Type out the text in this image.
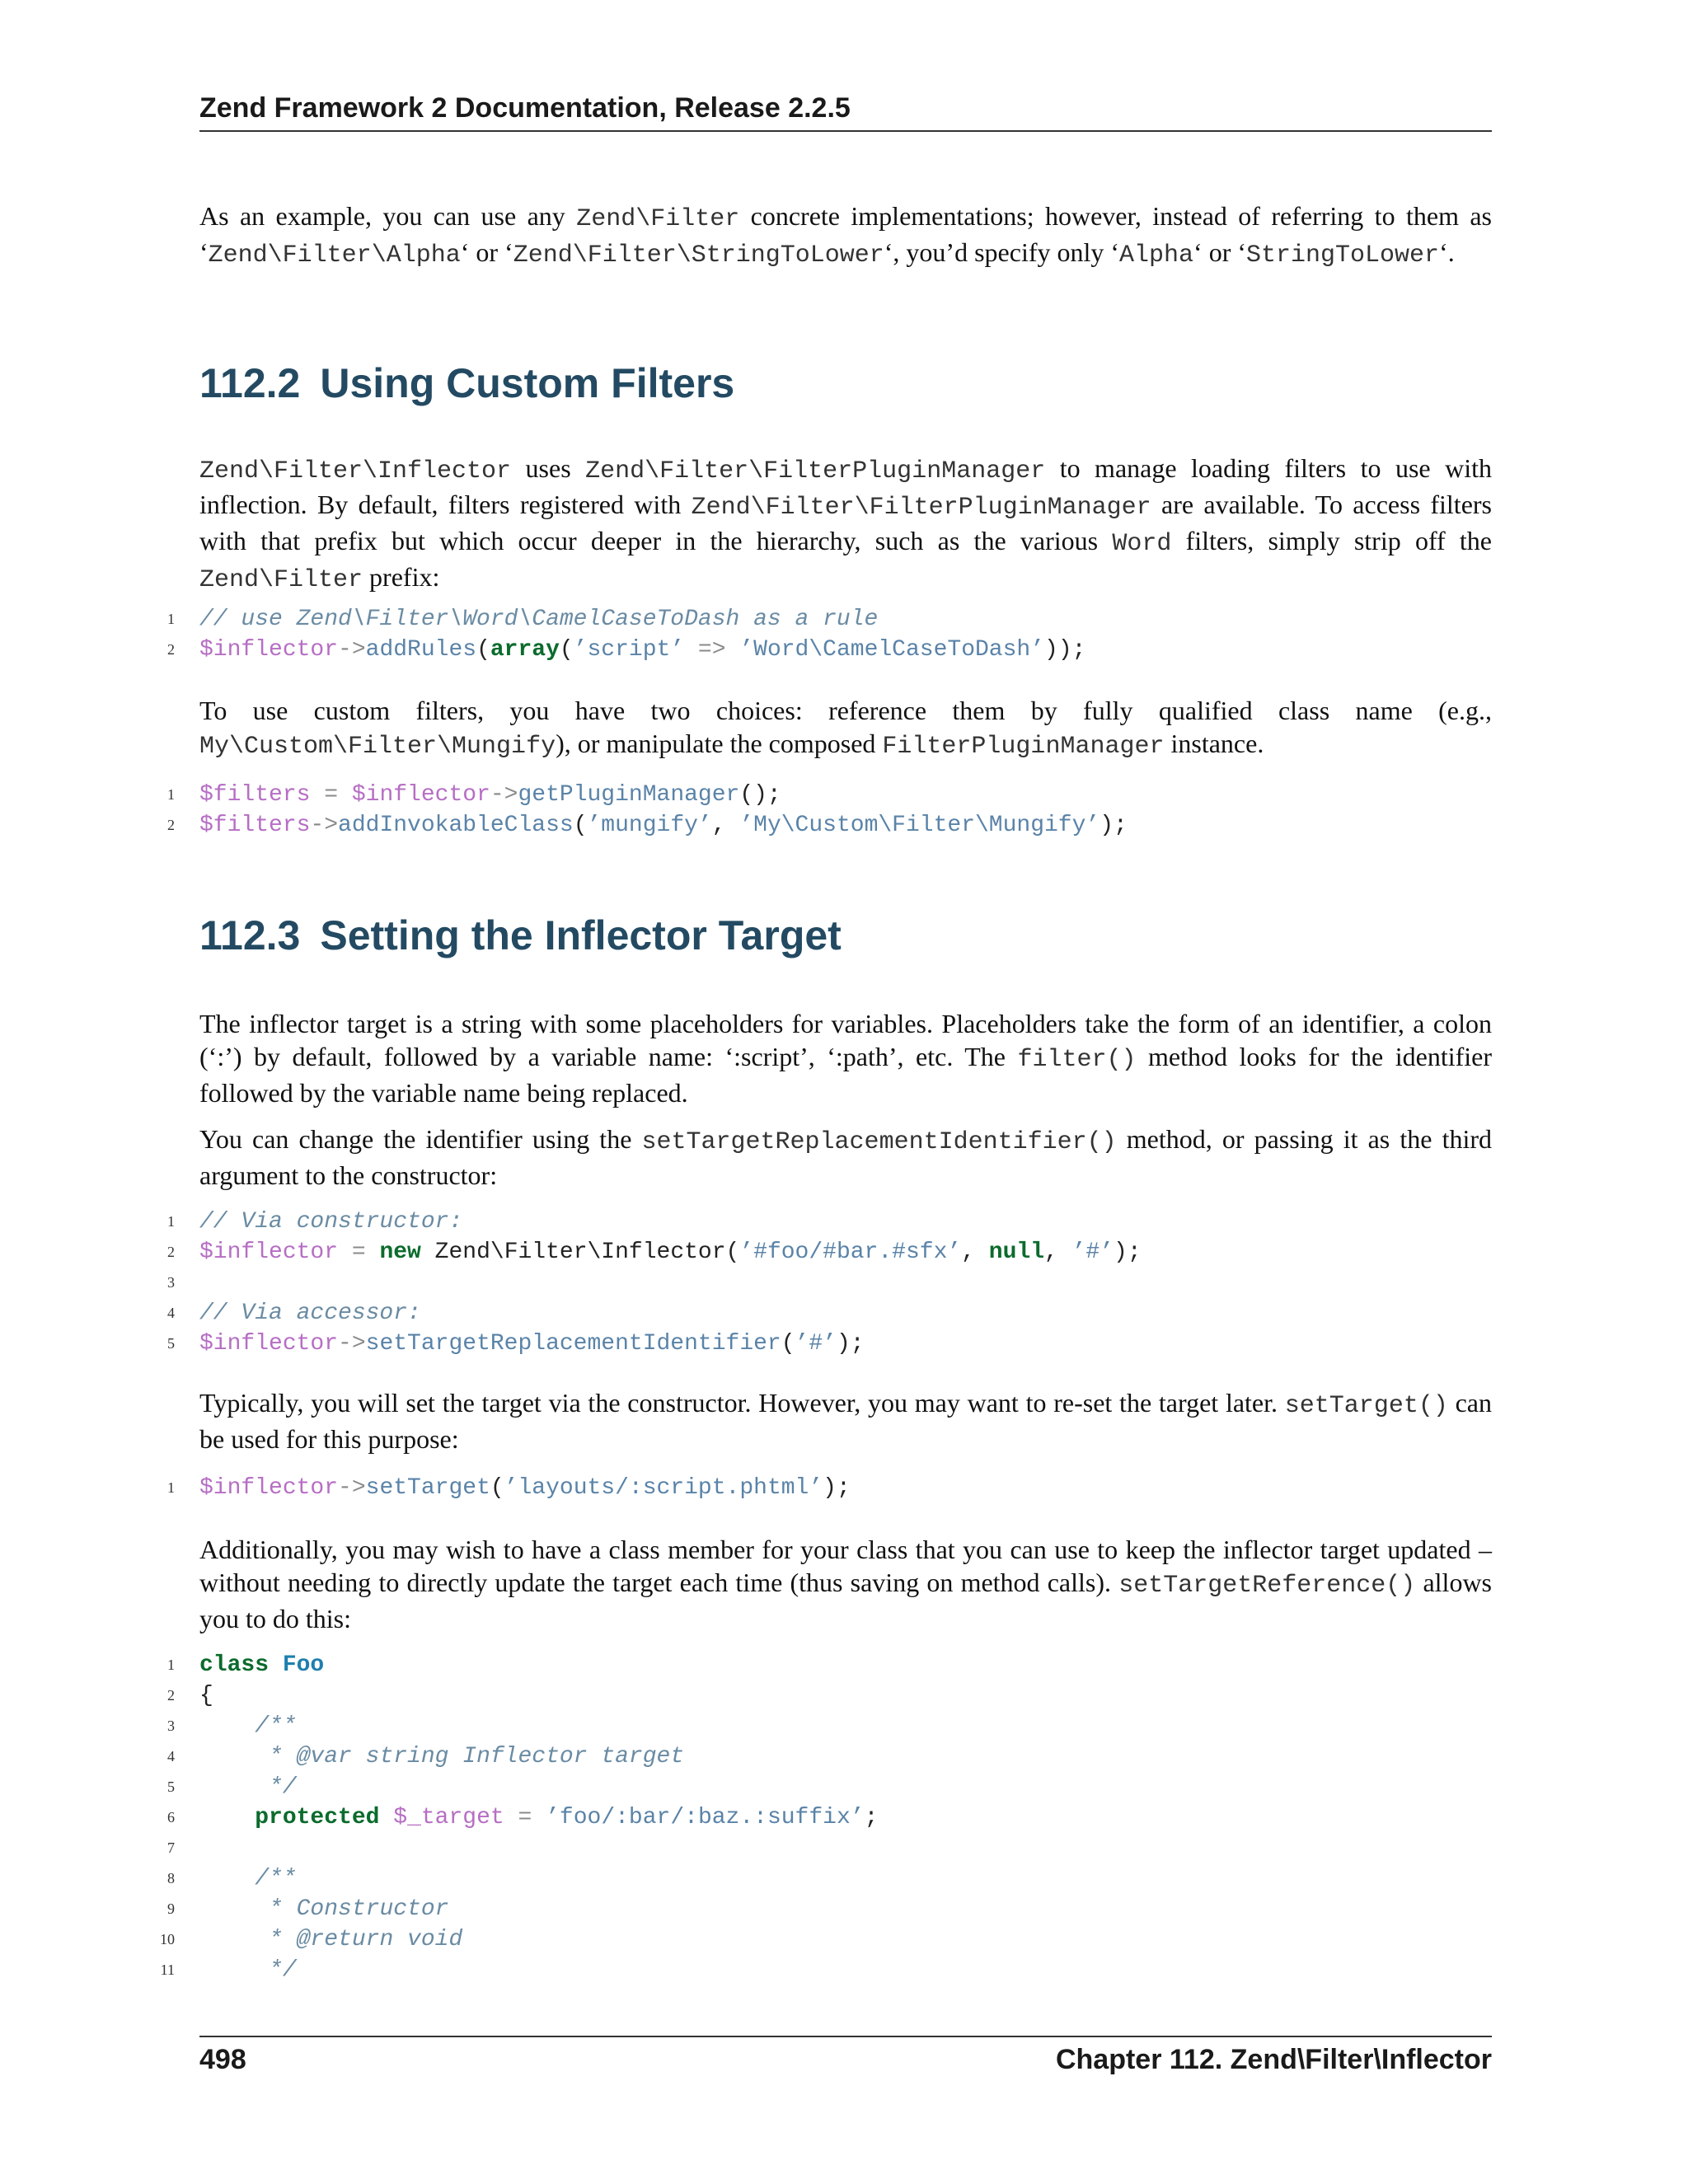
Zend Framework 2 Documentation, Release 2.2.5

As an example, you can use any Zend\Filter concrete implementations; however, instead of referring to them as ‘Zend\Filter\Alpha‘ or ‘Zend\Filter\StringToLower‘, you’d specify only ‘Alpha‘ or ‘StringToLower‘.

112.2 Using Custom Filters

Zend\Filter\Inflector uses Zend\Filter\FilterPluginManager to manage loading filters to use with inflection. By default, filters registered with Zend\Filter\FilterPluginManager are available. To access filters with that prefix but which occur deeper in the hierarchy, such as the various Word filters, simply strip off the Zend\Filter prefix:

1 // use Zend\Filter\Word\CamelCaseToDash as a rule
2 $inflector->addRules(array(’script’ => ’Word\CamelCaseToDash’));

To use custom filters, you have two choices: reference them by fully qualified class name (e.g., My\Custom\Filter\Mungify), or manipulate the composed FilterPluginManager instance.

1 $filters = $inflector->getPluginManager();
2 $filters->addInvokableClass(’mungify’, ’My\Custom\Filter\Mungify’);
112.3 Setting the Inflector Target

The inflector target is a string with some placeholders for variables. Placeholders take the form of an identifier, a colon (‘:’) by default, followed by a variable name: ‘:script’, ‘:path’, etc. The filter() method looks for the identifier followed by the variable name being replaced.

You can change the identifier using the setTargetReplacementIdentifier() method, or passing it as the third argument to the constructor:

1 // Via constructor:
2 $inflector = new Zend\Filter\Inflector(’#foo/#bar.#sfx’, null, ’#’);
3
4 // Via accessor:
5 $inflector->setTargetReplacementIdentifier(’#’);

Typically, you will set the target via the constructor. However, you may want to re-set the target later. setTarget() can be used for this purpose:

1 $inflector->setTarget(’layouts/:script.phtml’);

Additionally, you may wish to have a class member for your class that you can use to keep the inflector target updated – without needing to directly update the target each time (thus saving on method calls). setTargetReference() allows you to do this:

1 class Foo
2 {
3	/**
4	* @var string Inflector target
5	*/
6	protected $_target = ’foo/:bar/:baz.:suffix’;
7
8	/**
9	* Constructor
10	* @return void
11	*/
498	Chapter 112. Zend\Filter\Inflector
